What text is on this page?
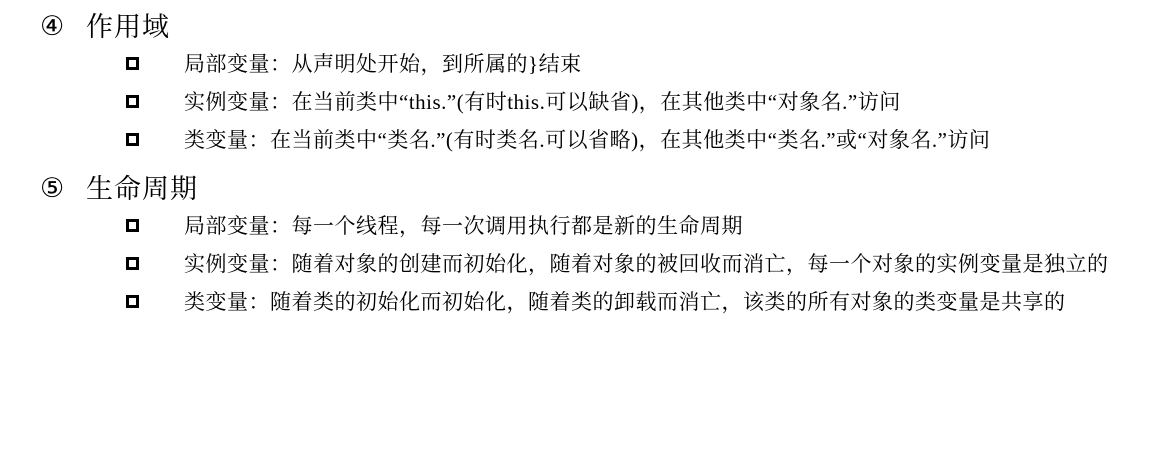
④ 作用域
局部变量：从声明处开始，到所属的}结束
实例变量：在当前类中“this.”(有时this.可以缺省)，在其他类中“对象名.”访问
类变量：在当前类中“类名.”(有时类名.可以省略)，在其他类中“类名.”或“对象名.”访问
⑤ 生命周期
局部变量：每一个线程，每一次调用执行都是新的生命周期
实例变量：随着对象的创建而初始化，随着对象的被回收而消亡，每一个对象的实例变量是独立的
类变量：随着类的初始化而初始化，随着类的卸载而消亡，该类的所有对象的类变量是共享的
